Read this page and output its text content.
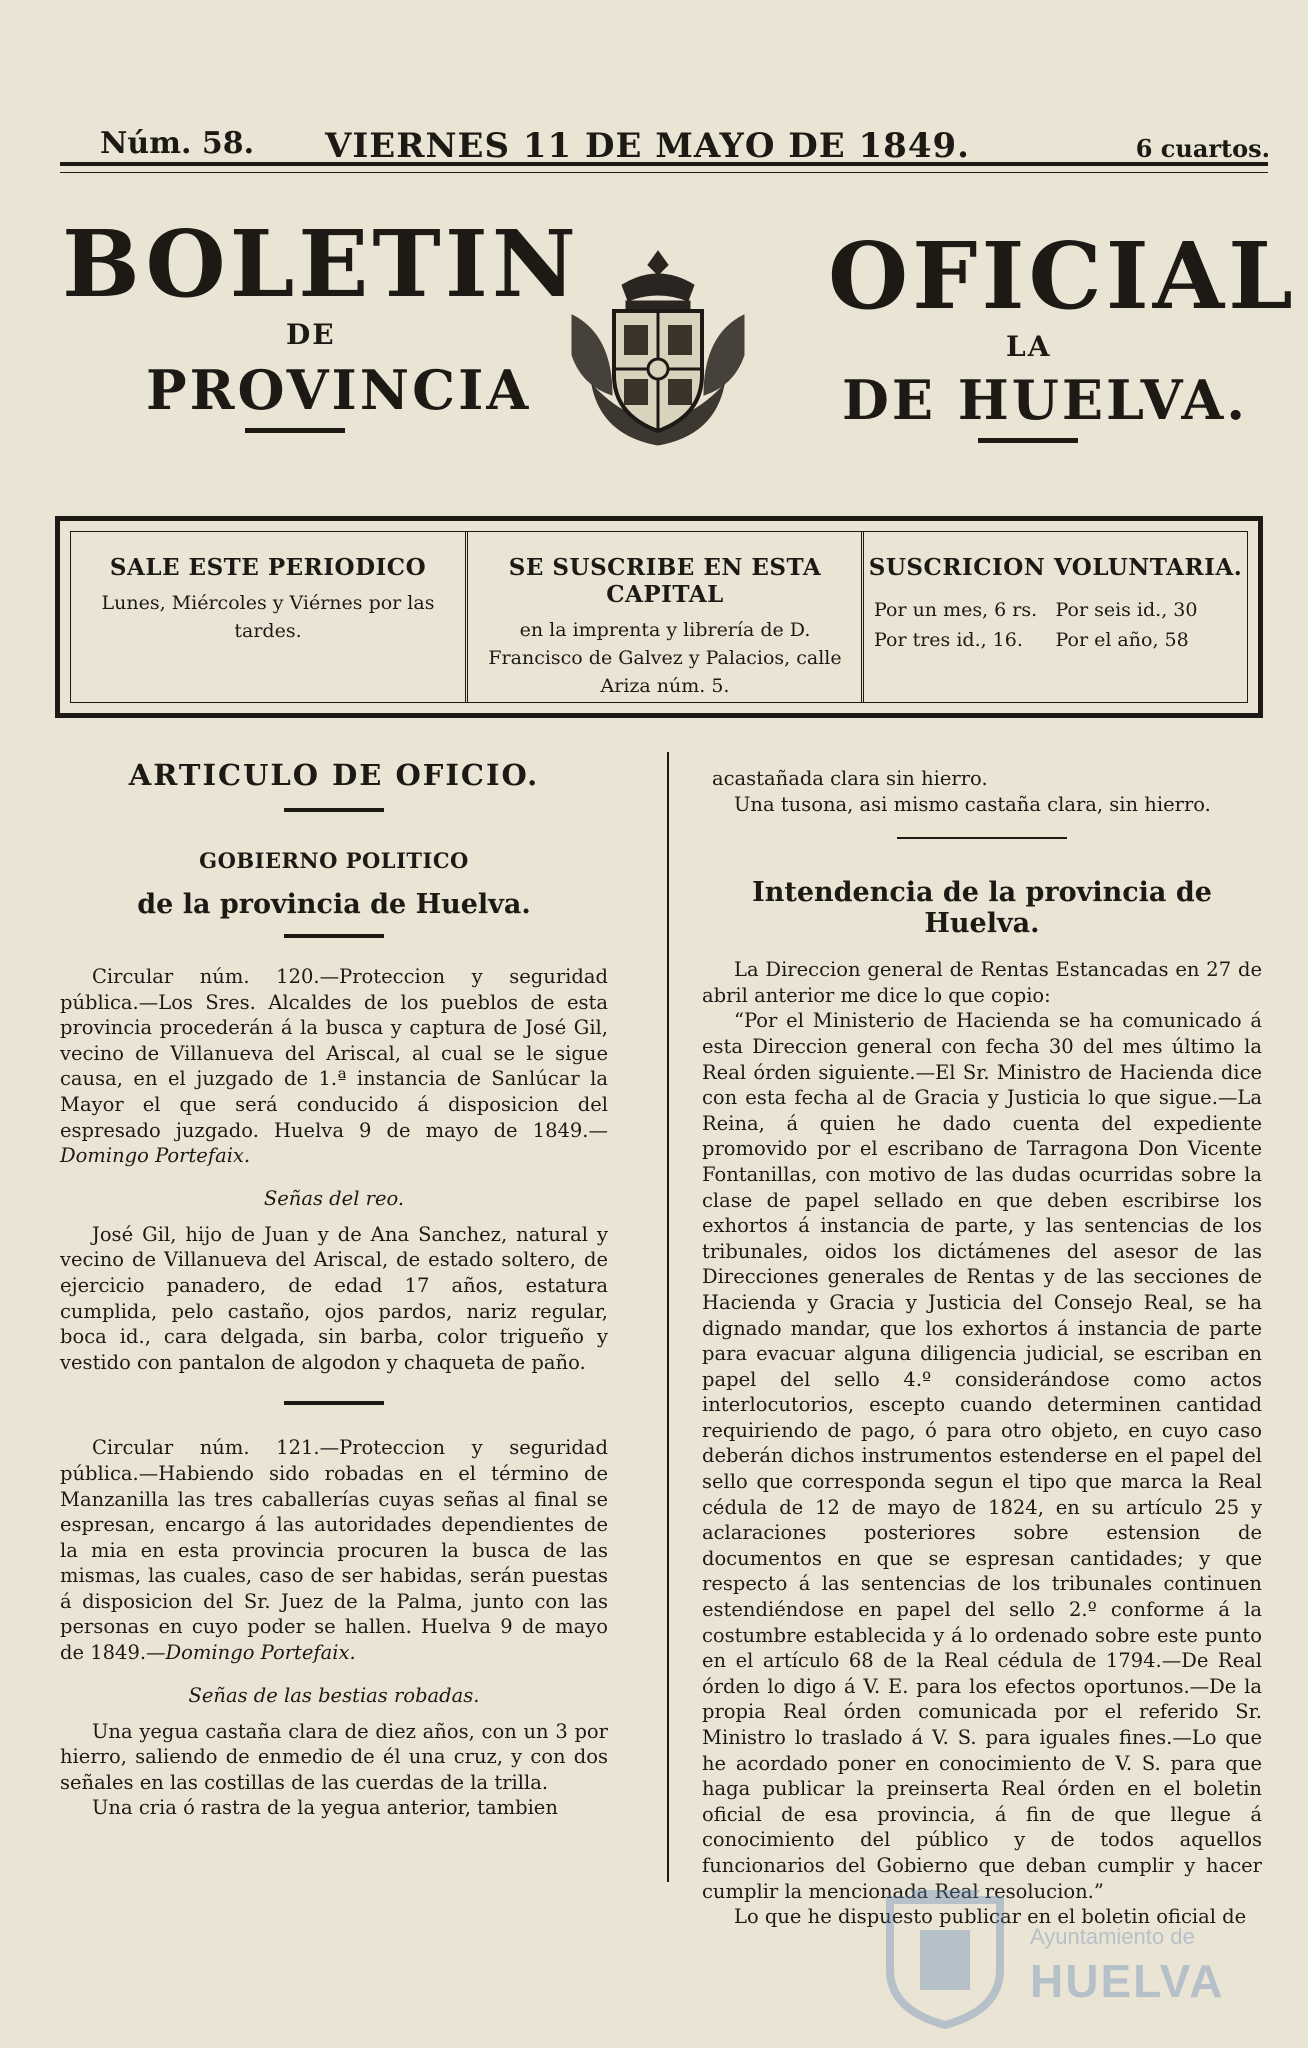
Núm. 58. VIERNES 11 DE MAYO DE 1849.	6 cuartos.
BOLETIN
DE
PROVINCIA
OFICIAL
LA
DE HUELVA.
SALE ESTE PERIODICO
Lunes, Miércoles y Viérnes por las tardes.
SE SUSCRIBE EN ESTA CAPITAL
en la imprenta y librería de D. Francisco de Galvez y Palacios, calle Ariza núm. 5.
SUSCRICION VOLUNTARIA.
Por un mes, 6 rs. Por seis id., 30
Por tres id., 16.	Por el año, 58
ARTICULO DE OFICIO.
GOBIERNO POLITICO
de la provincia de Huelva.

Circular núm. 120.—Proteccion y seguridad pública.—Los Sres. Alcaldes de los pueblos de esta provincia procederán á la busca y captura de José Gil, vecino de Villanueva del Ariscal, al cual se le sigue causa, en el juzgado de 1.ª instancia de Sanlúcar la Mayor el que será conducido á disposicion del espresado juzgado. Huelva 9 de mayo de 1849.—Domingo Portefaix.

Señas del reo.

José Gil, hijo de Juan y de Ana Sanchez, natural y vecino de Villanueva del Ariscal, de estado soltero, de ejercicio panadero, de edad 17 años, estatura cumplida, pelo castaño, ojos pardos, nariz regular, boca id., cara delgada, sin barba, color trigueño y vestido con pantalon de algodon y chaqueta de paño.

Circular núm. 121.—Proteccion y seguridad pública.—Habiendo sido robadas en el término de Manzanilla las tres caballerías cuyas señas al final se espresan, encargo á las autoridades dependientes de la mia en esta provincia procuren la busca de las mismas, las cuales, caso de ser habidas, serán puestas á disposicion del Sr. Juez de la Palma, junto con las personas en cuyo poder se hallen. Huelva 9 de mayo de 1849.—Domingo Portefaix.

Señas de las bestias robadas.

Una yegua castaña clara de diez años, con un 3 por hierro, saliendo de enmedio de él una cruz, y con dos señales en las costillas de las cuerdas de la trilla.

Una cria ó rastra de la yegua anterior, tambien

acastañada clara sin hierro.

Una tusona, asi mismo castaña clara, sin hierro.

Intendencia de la provincia de Huelva.

La Direccion general de Rentas Estancadas en 27 de abril anterior me dice lo que copio:

“Por el Ministerio de Hacienda se ha comunicado á esta Direccion general con fecha 30 del mes último la Real órden siguiente.—El Sr. Ministro de Hacienda dice con esta fecha al de Gracia y Justicia lo que sigue.—La Reina, á quien he dado cuenta del expediente promovido por el escribano de Tarragona Don Vicente Fontanillas, con motivo de las dudas ocurridas sobre la clase de papel sellado en que deben escribirse los exhortos á instancia de parte, y las sentencias de los tribunales, oidos los dictámenes del asesor de las Direcciones generales de Rentas y de las secciones de Hacienda y Gracia y Justicia del Consejo Real, se ha dignado mandar, que los exhortos á instancia de parte para evacuar alguna diligencia judicial, se escriban en papel del sello 4.º considerándose como actos interlocutorios, escepto cuando determinen cantidad requiriendo de pago, ó para otro objeto, en cuyo caso deberán dichos instrumentos estenderse en el papel del sello que corresponda segun el tipo que marca la Real cédula de 12 de mayo de 1824, en su artículo 25 y aclaraciones posteriores sobre estension de documentos en que se espresan cantidades; y que respecto á las sentencias de los tribunales continuen estendiéndose en papel del sello 2.º conforme á la costumbre establecida y á lo ordenado sobre este punto en el artículo 68 de la Real cédula de 1794.—De Real órden lo digo á V. E. para los efectos oportunos.—De la propia Real órden comunicada por el referido Sr. Ministro lo traslado á V. S. para iguales fines.—Lo que he acordado poner en conocimiento de V. S. para que haga publicar la preinserta Real órden en el boletin oficial de esa provincia, á fin de que llegue á conocimiento del público y de todos aquellos funcionarios del Gobierno que deban cumplir y hacer cumplir la mencionada Real resolucion.”

Lo que he dispuesto publicar en el boletin oficial de

Ayuntamiento de
HUELVA
